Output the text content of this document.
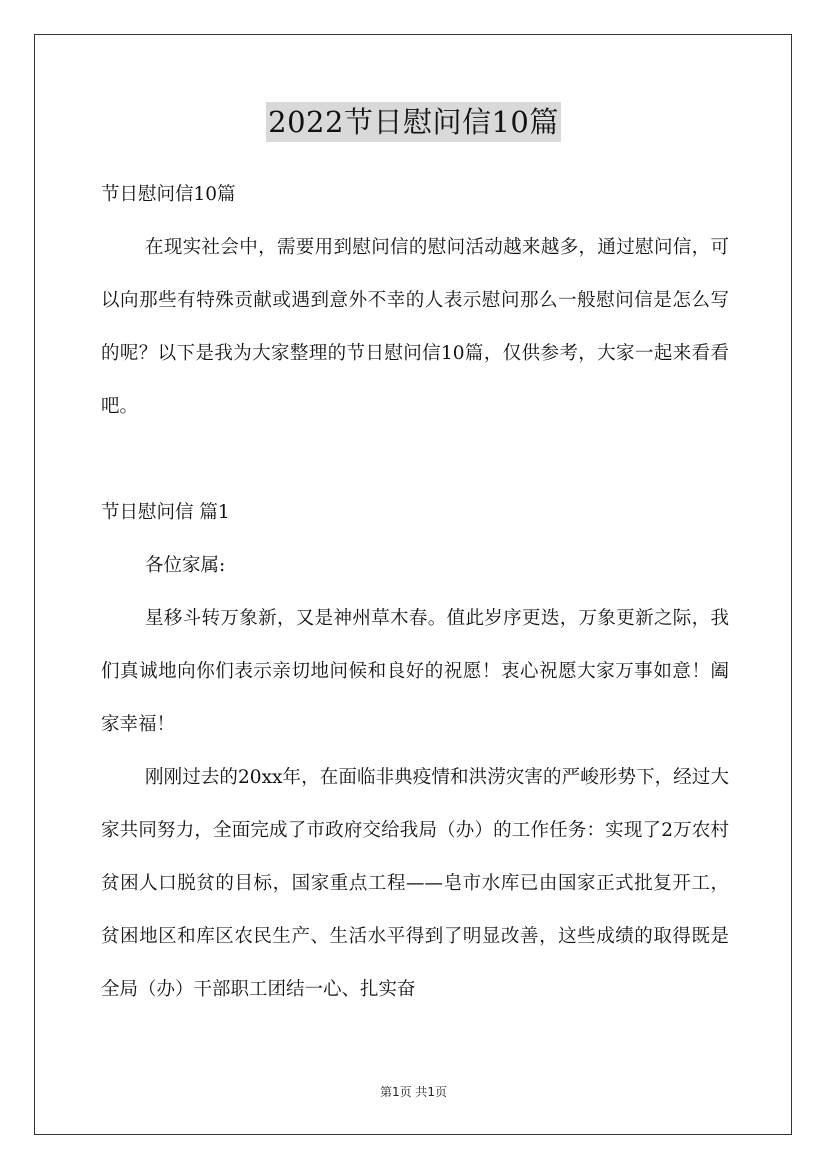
2022节日慰问信10篇

节日慰问信10篇

在现实社会中，需要用到慰问信的慰问活动越来越多，通过慰问信，可以向那些有特殊贡献或遇到意外不幸的人表示慰问那么一般慰问信是怎么写的呢？以下是我为大家整理的节日慰问信10篇，仅供参考，大家一起来看看吧。

节日慰问信 篇1

各位家属:

星移斗转万象新，又是神州草木春。值此岁序更迭，万象更新之际，我们真诚地向你们表示亲切地问候和良好的祝愿！衷心祝愿大家万事如意！阖家幸福！

刚刚过去的20xx年，在面临非典疫情和洪涝灾害的严峻形势下，经过大家共同努力，全面完成了市政府交给我局（办）的工作任务：实现了2万农村贫困人口脱贫的目标，国家重点工程——皂市水库已由国家正式批复开工，贫困地区和库区农民生产、生活水平得到了明显改善，这些成绩的取得既是全局（办）干部职工团结一心、扎实奋

第1页 共1页
